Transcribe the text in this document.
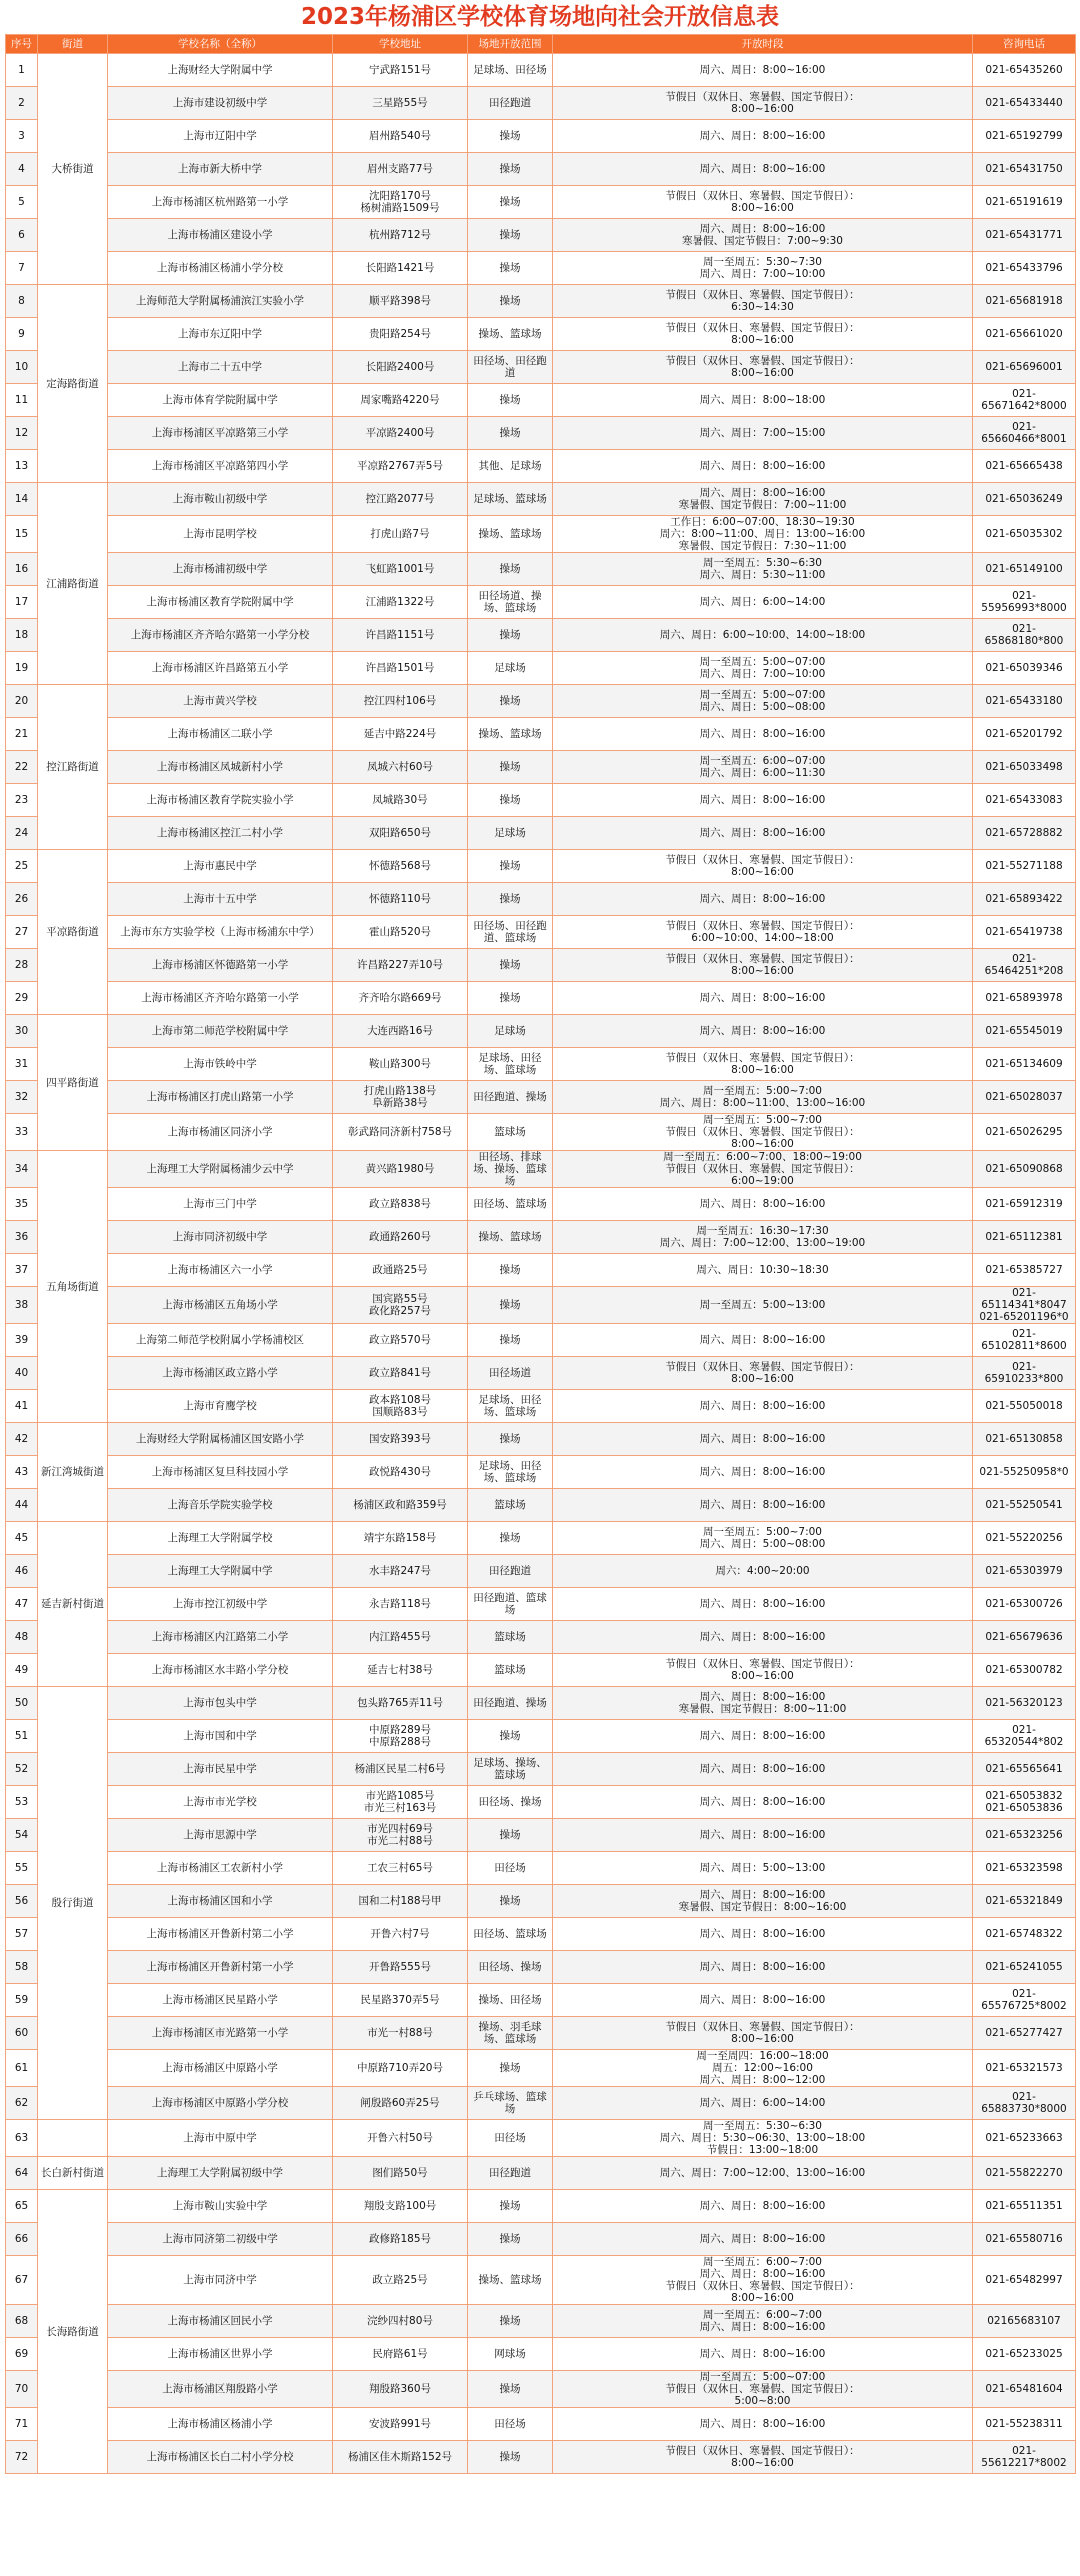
2023年杨浦区学校体育场地向社会开放信息表
序号	街道	学校名称（全称）	学校地址	场地开放范围	开放时段	咨询电话
1	大桥街道	上海财经大学附属中学	宁武路151号	足球场、田径场	周六、周日：8:00~16:00	021-65435260
2		上海市建设初级中学	三星路55号	田径跑道	节假日（双休日、寒暑假、国定节假日）：
8:00~16:00	021-65433440
3		上海市辽阳中学	眉州路540号	操场	周六、周日：8:00~16:00	021-65192799
4		上海市新大桥中学	眉州支路77号	操场	周六、周日：8:00~16:00	021-65431750
5		上海市杨浦区杭州路第一小学	沈阳路170号
杨树浦路1509号	操场	节假日（双休日、寒暑假、国定节假日）：
8:00~16:00	021-65191619
6		上海市杨浦区建设小学	杭州路712号	操场	周六、周日：8:00~16:00
寒暑假、国定节假日：7:00~9:30	021-65431771
7		上海市杨浦区杨浦小学分校	长阳路1421号	操场	周一至周五：5:30~7:30
周六、周日：7:00~10:00	021-65433796
8	定海路街道	上海师范大学附属杨浦滨江实验小学	顺平路398号	操场	节假日（双休日、寒暑假、国定节假日）：
6:30~14:30	021-65681918
9		上海市东辽阳中学	贵阳路254号	操场、篮球场	节假日（双休日、寒暑假、国定节假日）：
8:00~16:00	021-65661020
10		上海市二十五中学	长阳路2400号	田径场、田径跑道	节假日（双休日、寒暑假、国定节假日）：
8:00~16:00	021-65696001
11		上海市体育学院附属中学	周家嘴路4220号	操场	周六、周日：8:00~18:00	021-65671642*8000
12		上海市杨浦区平凉路第三小学	平凉路2400号	操场	周六、周日：7:00~15:00	021-65660466*8001
13		上海市杨浦区平凉路第四小学	平凉路2767弄5号	其他、足球场	周六、周日：8:00~16:00	021-65665438
14	江浦路街道	上海市鞍山初级中学	控江路2077号	足球场、篮球场	周六、周日：8:00~16:00
寒暑假、国定节假日：7:00~11:00	021-65036249
15		上海市昆明学校	打虎山路7号	操场、篮球场	工作日：6:00~07:00、18:30~19:30
周六：8:00~11:00、周日：13:00~16:00
寒暑假、国定节假日：7:30~11:00	021-65035302
16		上海市杨浦初级中学	飞虹路1001号	操场	周一至周五：5:30~6:30
周六、周日：5:30~11:00	021-65149100
17		上海市杨浦区教育学院附属中学	江浦路1322号	田径场道、操场、篮球场	周六、周日：6:00~14:00	021-55956993*8000
18		上海市杨浦区齐齐哈尔路第一小学分校	许昌路1151号	操场	周六、周日：6:00~10:00、14:00~18:00	021-65868180*800
19		上海市杨浦区许昌路第五小学	许昌路1501号	足球场	周一至周五：5:00~07:00
周六、周日：7:00~10:00	021-65039346
20	控江路街道	上海市黄兴学校	控江四村106号	操场	周一至周五：5:00~07:00
周六、周日：5:00~08:00	021-65433180
21		上海市杨浦区二联小学	延吉中路224号	操场、篮球场	周六、周日：8:00~16:00	021-65201792
22		上海市杨浦区凤城新村小学	凤城六村60号	操场	周一至周五：6:00~07:00
周六、周日：6:00~11:30	021-65033498
23		上海市杨浦区教育学院实验小学	凤城路30号	操场	周六、周日：8:00~16:00	021-65433083
24		上海市杨浦区控江二村小学	双阳路650号	足球场	周六、周日：8:00~16:00	021-65728882
25	平凉路街道	上海市惠民中学	怀德路568号	操场	节假日（双休日、寒暑假、国定节假日）：
8:00~16:00	021-55271188
26		上海市十五中学	怀德路110号	操场	周六、周日：8:00~16:00	021-65893422
27		上海市东方实验学校（上海市杨浦东中学）	霍山路520号	田径场、田径跑道、篮球场	节假日（双休日、寒暑假、国定节假日）：
6:00~10:00、14:00~18:00	021-65419738
28		上海市杨浦区怀德路第一小学	许昌路227弄10号	操场	节假日（双休日、寒暑假、国定节假日）：
8:00~16:00	021-65464251*208
29		上海市杨浦区齐齐哈尔路第一小学	齐齐哈尔路669号	操场	周六、周日：8:00~16:00	021-65893978
30	四平路街道	上海市第二师范学校附属中学	大连西路16号	足球场	周六、周日：8:00~16:00	021-65545019
31		上海市铁岭中学	鞍山路300号	足球场、田径场、篮球场	节假日（双休日、寒暑假、国定节假日）：
8:00~16:00	021-65134609
32		上海市杨浦区打虎山路第一小学	打虎山路138号
阜新路38号	田径跑道、操场	周一至周五：5:00~7:00
周六、周日：8:00~11:00、13:00~16:00	021-65028037
33		上海市杨浦区同济小学	彰武路同济新村758号	篮球场	周一至周五：5:00~7:00
节假日（双休日、寒暑假、国定节假日）：
8:00~16:00	021-65026295
34	五角场街道	上海理工大学附属杨浦少云中学	黄兴路1980号	田径场、排球场、操场、篮球场	周一至周五：6:00~7:00、18:00~19:00
节假日（双休日、寒暑假、国定节假日）：
6:00~19:00	021-65090868
35		上海市三门中学	政立路838号	田径场、篮球场	周六、周日：8:00~16:00	021-65912319
36		上海市同济初级中学	政通路260号	操场、篮球场	周一至周五：16:30~17:30
周六、周日：7:00~12:00、13:00~19:00	021-65112381
37		上海市杨浦区六一小学	政通路25号	操场	周六、周日：10:30~18:30	021-65385727
38		上海市杨浦区五角场小学	国宾路55号
政化路257号	操场	周一至周五：5:00~13:00	021-65114341*8047
021-65201196*0
39		上海第二师范学校附属小学杨浦校区	政立路570号	操场	周六、周日：8:00~16:00	021-65102811*8600
40		上海市杨浦区政立路小学	政立路841号	田径场道	节假日（双休日、寒暑假、国定节假日）：
8:00~16:00	021-65910233*800
41		上海市育鹰学校	政本路108号
国顺路83号	足球场、田径场、篮球场	周六、周日：8:00~16:00	021-55050018
42	新江湾城街道	上海财经大学附属杨浦区国安路小学	国安路393号	操场	周六、周日：8:00~16:00	021-65130858
43		上海市杨浦区复旦科技园小学	政悦路430号	足球场、田径场、篮球场	周六、周日：8:00~16:00	021-55250958*0
44		上海音乐学院实验学校	杨浦区政和路359号	篮球场	周六、周日：8:00~16:00	021-55250541
45	延吉新村街道	上海理工大学附属学校	靖宇东路158号	操场	周一至周五：5:00~7:00
周六、周日：5:00~08:00	021-55220256
46		上海理工大学附属中学	水丰路247号	田径跑道	周六：4:00~20:00	021-65303979
47		上海市控江初级中学	永吉路118号	田径跑道、篮球场	周六、周日：8:00~16:00	021-65300726
48		上海市杨浦区内江路第二小学	内江路455号	篮球场	周六、周日：8:00~16:00	021-65679636
49		上海市杨浦区水丰路小学分校	延吉七村38号	篮球场	节假日（双休日、寒暑假、国定节假日）：
8:00~16:00	021-65300782
50	殷行街道	上海市包头中学	包头路765弄11号	田径跑道、操场	周六、周日：8:00~16:00
寒暑假、国定节假日：8:00~11:00	021-56320123
51		上海市国和中学	中原路289号
中原路288号	操场	周六、周日：8:00~16:00	021-65320544*802
52		上海市民星中学	杨浦区民星二村6号	足球场、操场、篮球场	周六、周日：8:00~16:00	021-65565641
53		上海市市光学校	市光路1085号
市光三村163号	田径场、操场	周六、周日：8:00~16:00	021-65053832
021-65053836
54		上海市思源中学	市光四村69号
市光二村88号	操场	周六、周日：8:00~16:00	021-65323256
55		上海市杨浦区工农新村小学	工农三村65号	田径场	周六、周日：5:00~13:00	021-65323598
56		上海市杨浦区国和小学	国和二村188号甲	操场	周六、周日：8:00~16:00
寒暑假、国定节假日：8:00~16:00	021-65321849
57		上海市杨浦区开鲁新村第二小学	开鲁六村7号	田径场、篮球场	周六、周日：8:00~16:00	021-65748322
58		上海市杨浦区开鲁新村第一小学	开鲁路555号	田径场、操场	周六、周日：8:00~16:00	021-65241055
59		上海市杨浦区民星路小学	民星路370弄5号	操场、田径场	周六、周日：8:00~16:00	021-65576725*8002
60		上海市杨浦区市光路第一小学	市光一村88号	操场、羽毛球场、篮球场	节假日（双休日、寒暑假、国定节假日）：
8:00~16:00	021-65277427
61		上海市杨浦区中原路小学	中原路710弄20号	操场	周一至周四：16:00~18:00
周五：12:00~16:00
周六、周日：8:00~12:00	021-65321573
62		上海市杨浦区中原路小学分校	闸殷路60弄25号	乒乓球场、篮球场	周六、周日：6:00~14:00	021-65883730*8000
63		上海市中原中学	开鲁六村50号	田径场	周一至周五：5:30~6:30
周六、周日：5:30~06:30、13:00~18:00
节假日：13:00~18:00	021-65233663
64	长白新村街道	上海理工大学附属初级中学	图们路50号	田径跑道	周六、周日：7:00~12:00、13:00~16:00	021-55822270
65	长海路街道	上海市鞍山实验中学	翔殷支路100号	操场	周六、周日：8:00~16:00	021-65511351
66		上海市同济第二初级中学	政修路185号	操场	周六、周日：8:00~16:00	021-65580716
67		上海市同济中学	政立路25号	操场、篮球场	周一至周五：6:00~7:00
周六、周日：8:00~16:00
节假日（双休日、寒暑假、国定节假日）：
8:00~16:00	021-65482997
68		上海市杨浦区回民小学	浣纱四村80号	操场	周一至周五：6:00~7:00
周六、周日：8:00~16:00	02165683107
69		上海市杨浦区世界小学	民府路61号	网球场	周六、周日：8:00~16:00	021-65233025
70		上海市杨浦区翔殷路小学	翔殷路360号	操场	周一至周五：5:00~07:00
节假日（双休日、寒暑假、国定节假日）：
5:00~8:00	021-65481604
71		上海市杨浦区杨浦小学	安波路991号	田径场	周六、周日：8:00~16:00	021-55238311
72		上海市杨浦区长白二村小学分校	杨浦区佳木斯路152号	操场	节假日（双休日、寒暑假、国定节假日）：
8:00~16:00	021-55612217*8002
